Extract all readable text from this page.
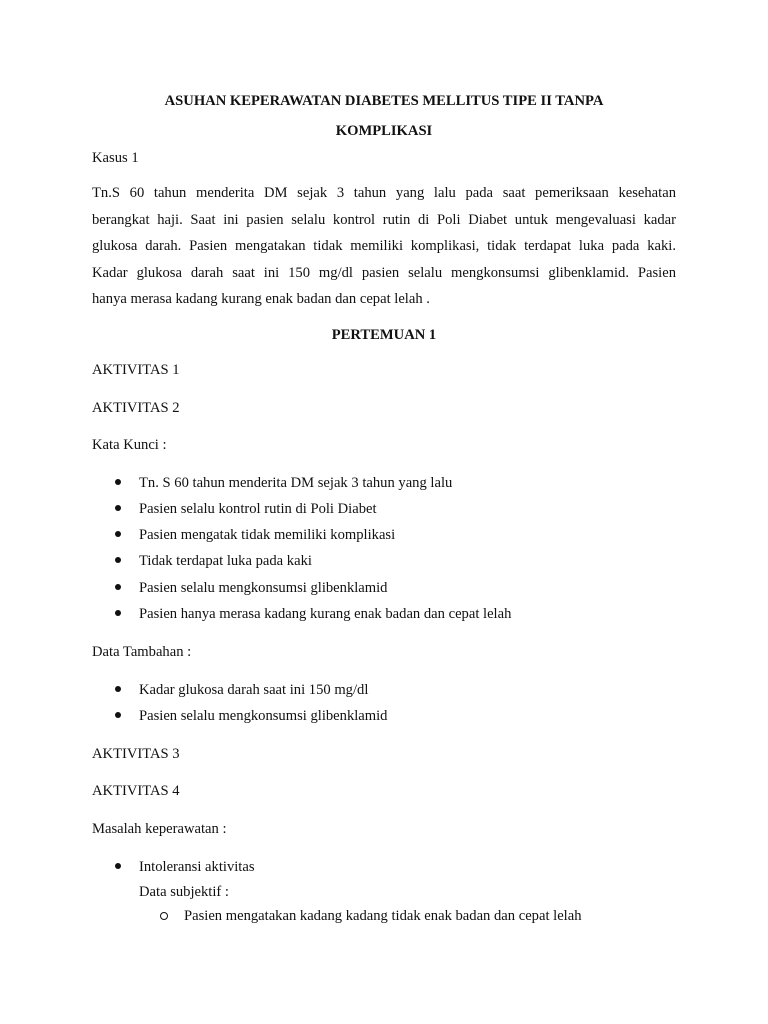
ASUHAN KEPERAWATAN DIABETES MELLITUS TIPE II TANPA
KOMPLIKASI
Kasus 1
Tn.S 60 tahun menderita DM sejak 3 tahun yang lalu pada saat pemeriksaan kesehatan
berangkat haji. Saat ini pasien selalu kontrol rutin di Poli Diabet untuk mengevaluasi kadar
glukosa darah. Pasien mengatakan tidak memiliki komplikasi, tidak terdapat luka pada kaki.
Kadar glukosa darah saat ini 150 mg/dl pasien selalu mengkonsumsi glibenklamid. Pasien
hanya merasa kadang kurang enak badan dan cepat lelah .
PERTEMUAN 1
AKTIVITAS 1
AKTIVITAS 2
Kata Kunci :
Tn. S 60 tahun menderita DM sejak 3 tahun yang lalu
Pasien selalu kontrol rutin di Poli Diabet
Pasien mengatak tidak memiliki komplikasi
Tidak terdapat luka pada kaki
Pasien selalu mengkonsumsi glibenklamid
Pasien hanya merasa kadang kurang enak badan dan cepat lelah
Data Tambahan :
Kadar glukosa darah saat ini 150 mg/dl
Pasien selalu mengkonsumsi glibenklamid
AKTIVITAS 3
AKTIVITAS 4
Masalah keperawatan :
Intoleransi aktivitas
Data subjektif :
Pasien mengatakan kadang kadang tidak enak badan dan cepat lelah
